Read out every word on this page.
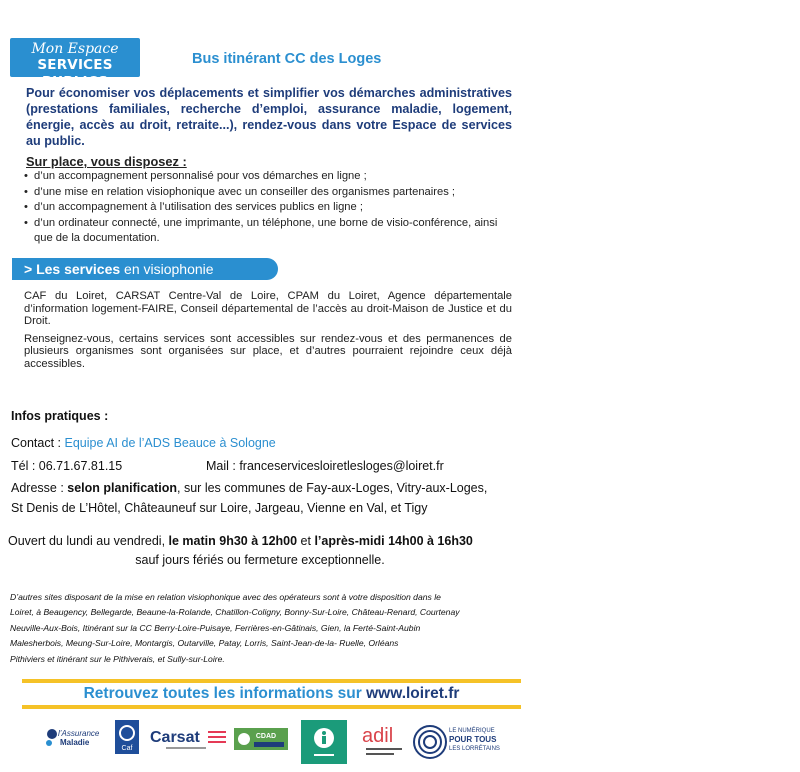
Mon Espace
SERVICES PUBLICS
Bus itinérant CC des Loges
Pour économiser vos déplacements et simplifier vos démarches administratives (prestations familiales, recherche d’emploi, assurance maladie, logement, énergie, accès au droit, retraite...), rendez-vous dans votre Espace de services au public.
Sur place, vous disposez :
• d’un accompagnement personnalisé pour vos démarches en ligne ;
• d’une mise en relation visiophonique avec un conseiller des organismes partenaires ;
• d’un accompagnement à l’utilisation des services publics en ligne ;
• d’un ordinateur connecté, une imprimante, un téléphone, une borne de visio-conférence, ainsi que de la documentation.
> Les services en visiophonie

CAF du Loiret, CARSAT Centre-Val de Loire, CPAM du Loiret, Agence départementale d’information logement-FAIRE, Conseil départemental de l’accès au droit-Maison de Justice et du Droit.

Renseignez-vous, certains services sont accessibles sur rendez-vous et des permanences de plusieurs organismes sont organisées sur place, et d’autres pourraient rejoindre ceux déjà accessibles.

Infos pratiques :
Contact : Equipe AI de l’ADS Beauce à Sologne
Tél : 06.71.67.81.15	Mail : franceservicesloiretlesloges@loiret.fr
Adresse : selon planification, sur les communes de Fay-aux-Loges, Vitry-aux-Loges,
St Denis de L’Hôtel, Châteauneuf sur Loire, Jargeau, Vienne en Val, et Tigy
Ouvert du lundi au vendredi, le matin 9h30 à 12h00 et l’après-midi 14h00 à 16h30
sauf jours fériés ou fermeture exceptionnelle.
D’autres sites disposant de la mise en relation visiophonique avec des opérateurs sont à votre disposition dans le
Loiret, à Beaugency, Bellegarde, Beaune-la-Rolande, Chatillon-Coligny, Bonny-Sur-Loire, Château-Renard, Courtenay
Neuville-Aux-Bois, Itinérant sur la CC Berry-Loire-Puisaye, Ferrières-en-Gâtinais, Gien, la Ferté-Saint-Aubin
Malesherbois, Meung-Sur-Loire, Montargis, Outarville, Patay, Lorris, Saint-Jean-de-la- Ruelle, Orléans
Pithiviers et itinérant sur le Pithiverais, et Sully-sur-Loire.
Retrouvez toutes les informations sur www.loiret.fr
l’Assurance
Maladie
Caf
Carsat	CDAD	adil	LE NUMÉRIQUE
POUR TOUS
LES LORRÉTAINS
